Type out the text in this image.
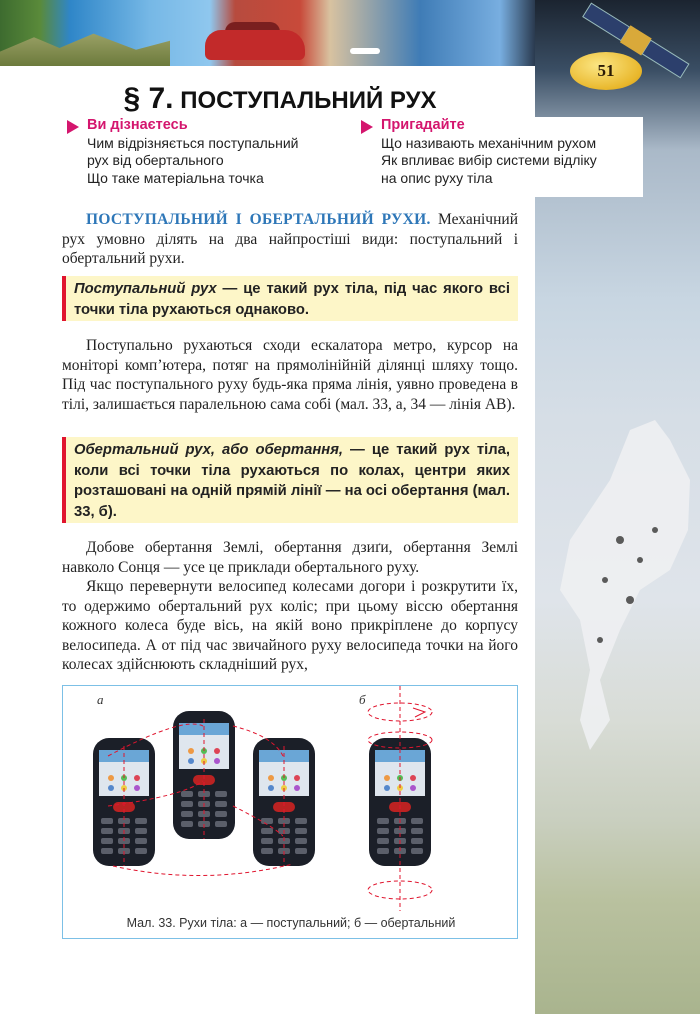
51
§ 7. ПОСТУПАЛЬНИЙ РУХ
Ви дізнаєтесь
Чим відрізняється поступальний
рух від обертального
Що таке матеріальна точка
Пригадайте
Що називають механічним рухом
Як впливає вибір системи відліку
на опис руху тіла

ПОСТУПАЛЬНИЙ І ОБЕРТАЛЬНИЙ РУХИ. Механічний рух умовно ділять на два найпростіші види: поступальний і обертальний рухи.

Поступальний рух — це такий рух тіла, під час якого всі точки тіла рухаються однаково.

Поступально рухаються сходи ескалатора метро, курсор на моніторі комп’ютера, потяг на прямолінійній ділянці шляху тощо. Під час поступального руху будь-яка пряма лінія, уявно проведена в тілі, залишається паралельною сама собі (мал. 33, а, 34 — лінія AB).

Обертальний рух, або обертання, — це такий рух тіла, коли всі точки тіла рухаються по колах, центри яких розташовані на одній прямій лінії — на осі обертання (мал. 33, б).

Добове обертання Землі, обертання дзиґи, обертання Землі навколо Сонця — усе це приклади обертального руху.

Якщо перевернути велосипед колесами догори і розкрутити їх, то одержимо обертальний рух коліс; при цьому віссю обертання кожного колеса буде вісь, на якій воно прикріплене до корпусу велосипеда. А от під час звичайного руху велосипеда точки на його колесах здійснюють складніший рух,

а	б
Мал. 33. Рухи тіла: а — поступальний; б — обертальний
